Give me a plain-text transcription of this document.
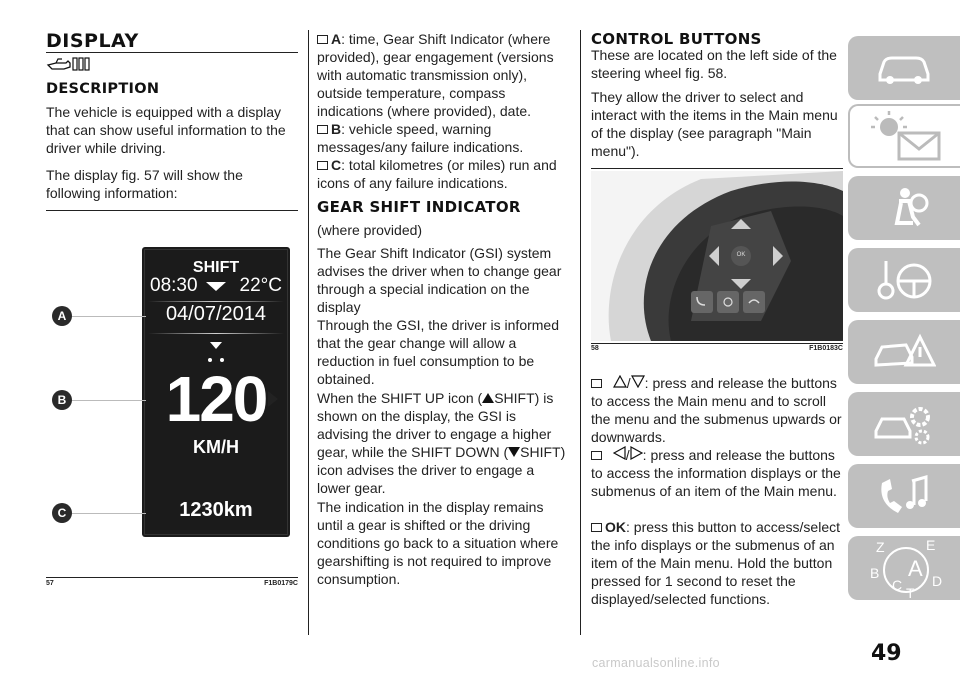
DISPLAY
DESCRIPTION
The vehicle is equipped with a display that can show useful information to the driver while driving.
The display fig. 57 will show the following information:
SHIFT
08:30 22°C
04/07/2014
120
KM/H
1230km
A
B
C
57	F1B0179C
A: time, Gear Shift Indicator (where provided), gear engagement (versions with automatic transmission only), outside temperature, compass indications (where provided), date.
B: vehicle speed, warning messages/any failure indications.
C: total kilometres (or miles) run and icons of any failure indications.
GEAR SHIFT INDICATOR
(where provided)
The Gear Shift Indicator (GSI) system advises the driver when to change gear through a special indication on the display
Through the GSI, the driver is informed that the gear change will allow a reduction in fuel consumption to be obtained.
When the SHIFT UP icon ( SHIFT) is shown on the display, the GSI is advising the driver to engage a higher gear, while the SHIFT DOWN ( SHIFT) icon advises the driver to engage a lower gear.
The indication in the display remains until a gear is shifted or the driving conditions go back to a situation where gearshifting is not required to improve consumption.
CONTROL BUTTONS
These are located on the left side of the steering wheel fig. 58.
They allow the driver to select and interact with the items in the Main menu of the display (see paragraph "Main menu").
OK
58	F1B0183C
/ : press and release the buttons to access the Main menu and to scroll the menu and the submenus upwards or downwards.
/ : press and release the buttons to access the information displays or the submenus of an item of the Main menu.
OK: press this button to access/select the info displays or the submenus of an item of the Main menu. Hold the button pressed for 1 second to reset the displayed/selected functions.
Z	E
B A
C D
T
49
carmanualsonline.info
